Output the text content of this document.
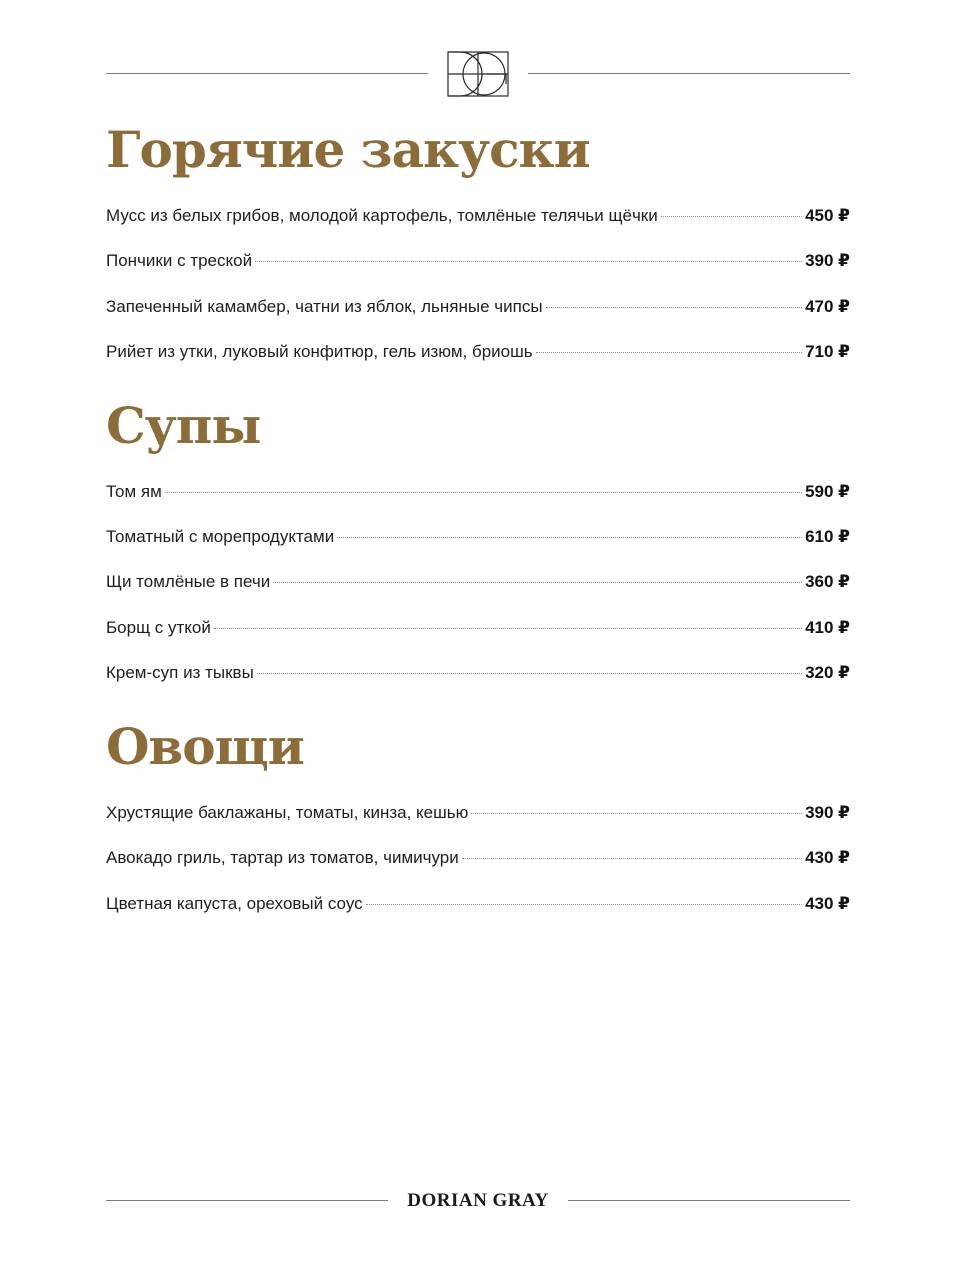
Горячие закуски
Мусс из белых грибов, молодой картофель, томлёные телячьи щёчки	450 ₽
Пончики с треской	390 ₽
Запеченный камамбер, чатни из яблок, льняные чипсы	470 ₽
Рийет из утки, луковый конфитюр, гель изюм, бриошь	710 ₽
Супы
Том ям	590 ₽
Томатный с морепродуктами	610 ₽
Щи томлёные в печи	360 ₽
Борщ с уткой	410 ₽
Крем-суп из тыквы	320 ₽
Овощи
Хрустящие баклажаны, томаты, кинза, кешью	390 ₽
Авокадо гриль, тартар из томатов, чимичури	430 ₽
Цветная капуста, ореховый соус	430 ₽
DORIAN GRAY
